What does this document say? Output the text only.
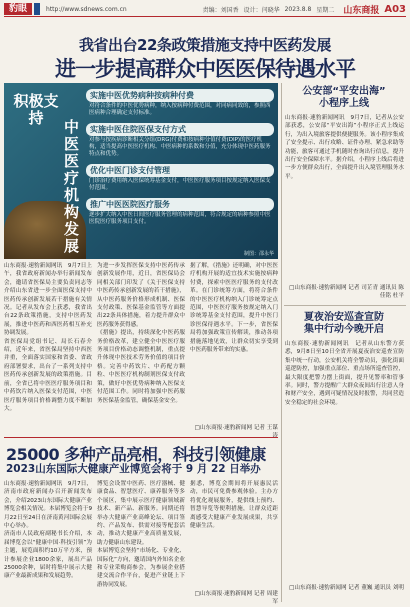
豹眼	http://www.sdnews.com.cn	责编：刘国香 设计：闫晓华 2023.8.8 星期二 山东商报 A03
我省出台22条政策措施支持中医药发展
进一步提高群众中医医保待遇水平
积极支持	中医医疗机构发展
实施中医优势病种按病种付费
对符合条件的中医优势病种，纳入按病种付费范围，对同病同效的，参照西医病种合理确定支付标准。
实施中医住院医保支付方式
对参与按疾病诊断相关分组(DRG)付费和按病种分值付费(DIP)的医疗机构，适当提高中医医疗机构、中医病种的系数和分值，充分体现中医药服务特点和优势。
优化中医门诊支付管理
门诊治疗费用纳入医保统筹基金支付，中医医疗服务项目按规定纳入医保支付范围。
推广中医医院医疗服务
逐步扩大纳入中医日间医疗服务管理的病种范围，符合规定的病种参照中医医院医疗服务项目支付。
制图：邵永华
山东商报·速豹新闻网讯　9月7日上午，我省政府新闻办举行新闻发布会，邀请省医保局主要负责同志等介绍山东省进一步全面医保支持中医药传承创新发展若干措施有关情况。记者从发布会上获悉，我省出台22条政策措施，支持中医药发展，推进中医药和西医药相互补充协调发展。
省医保局党组书记、局长石春介绍，近年来，省医保局坚持中西医并重，全面落实国家和省委、省政府部署要求，出台了一系列支持中医药传承创新发展的政策措施。目前，全省已将中医医疗服务项目和中药饮片纳入医保支付范围，中医医疗服务项目价格调整力度不断加大。
为进一步发挥医保支持中医药传承创新发展作用，近日，省医保局会同相关部门印发了《关于医保支持中医药传承创新发展的若干措施》，从中医药服务价格形成机制、医保支付政策、医保基金监管等方面提出22条具体措施，着力提升群众中医药服务获得感。
《措施》提出，持续深化中医药服务价格改革，建立健全中医医疗服务项目价格动态调整机制，重点提升体现中医技术劳务价值的项目价格。完善中药饮片、中药配方颗粒、中医医疗机构制剂医保支付政策，做好中医优势病种纳入医保支付范围工作。同时将加强中医药服务医保基金监管，确保基金安全。
据了解，《措施》还明确，对中医医疗机构开展的适宜技术实施按病种付费，探索中医医疗服务的支付改革。在门诊统筹方面，将符合条件的中医医疗机构纳入门诊统筹定点范围，中医医疗服务按规定纳入门诊统筹基金支付范围，提升中医门诊医保待遇水平。下一步，省医保局将加强政策宣传解读，推动各项措施落地见效，让群众切实享受到中医药服务带来的实惠。
□山东商报·速豹新闻网 记者 王谋
公安部“平安出海”
小程序上线
山东商报·速豹新闻网讯　9月7日，记者从公安部获悉，公安部“平安出海”小程序正式上线运行，为出入境旅客提供便捷服务。该小程序集成了安全提示、出行攻略、证件办理、紧急求助等功能，旅客可通过手机随时查询出行信息，提升出行安全保障水平。据介绍，小程序上线后将进一步方便群众出行，全面提升出入境管理服务水平。
□山东商报·速豹新闻网 记者 司芷青 通讯员 陈佳铭 杜平
夏夜治安巡查宣防
集中行动今晚开启
山东商报·速豹新闻网讯　记者从山东警方获悉，9月8日至10日全省开展夏夜治安巡查宣防集中统一行动，公安机关将全警动员，强化街面巡逻防控，加强重点部位、重点场所巡查管控，最大限度把警力摆上街面，提升见警率和管事率。同时，警方提醒广大群众夜间出行注意人身和财产安全，遇到可疑情况及时报警，共同营造安全稳定的社会环境。
□山东商报·速豹新闻网 记者 董巍 通讯员 刘明
25000 多种产品亮相，科技引领健康
2023山东国际大健康产业博览会将于 9 月 22 日举办
山东商报·速豹新闻网讯　9月7日，济南市政府新闻办召开新闻发布会，介绍2023山东国际大健康产业博览会相关情况。本届博览会将于9月22日至24日在济南黄河国际会展中心举办。
济南市人民政府副秘书长介绍，本届博览会以“健康中国·科技引领”为主题，展览面积约10万平方米，预计参展企业1800余家，展出产品25000余种，届时将集中展示大健康产业最新成果和发展趋势。
博览会设置中医药、医疗器械、健康食品、智慧医疗、康养服务等多个展区，集中展示医疗健康领域新技术、新产品、新服务。同期还将举办大健康产业高峰论坛、项目签约、产品发布、供需对接等配套活动，推动大健康产业高质量发展，助力健康山东建设。
本届博览会坚持“市场化、专业化、国际化”方向，邀请国内外知名企业和专业采购商参会，为参展企业搭建交流合作平台，促进产业链上下游协同发展。
据悉，博览会期间将开展惠民活动，市民可免费参观体验。主办方将优化观展服务，提供线上预约、智慧导览等便利措施，让群众近距离感受大健康产业发展成果，共享健康生活。
□山东商报·速豹新闻网 记者 周建军
